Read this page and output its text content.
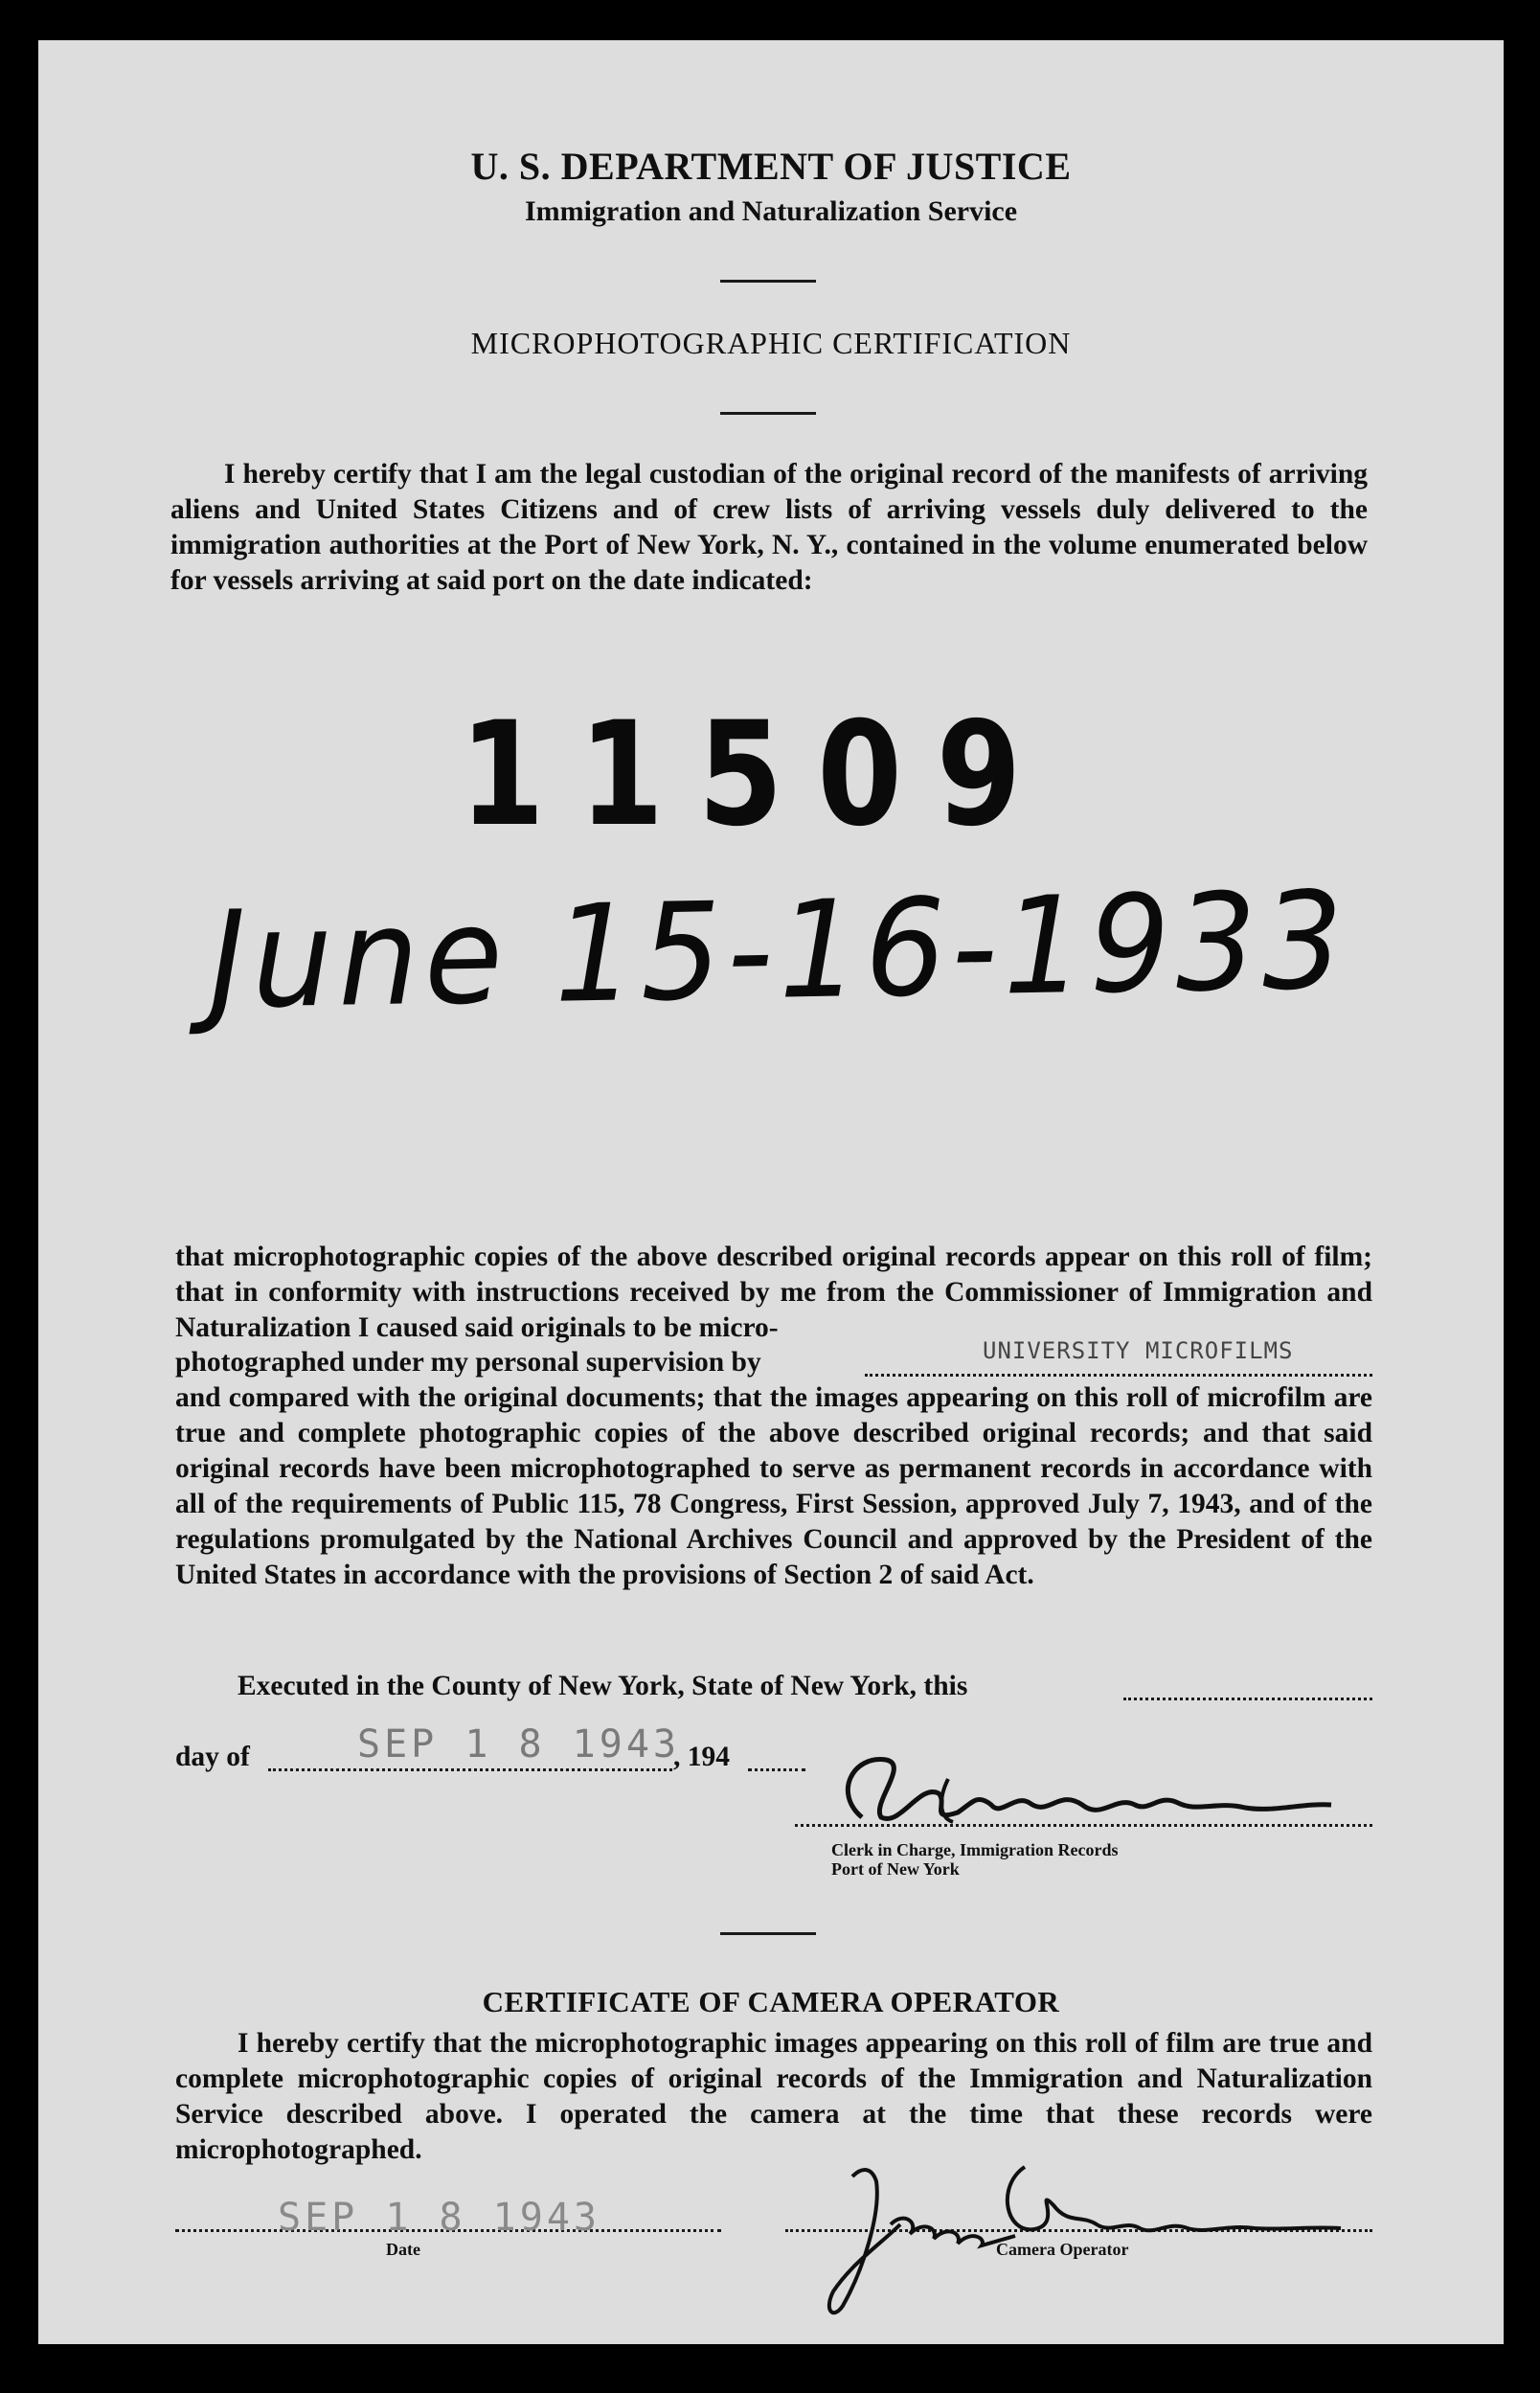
U. S. DEPARTMENT OF JUSTICE
Immigration and Naturalization Service
MICROPHOTOGRAPHIC CERTIFICATION
I hereby certify that I am the legal custodian of the original record of the manifests of arriving aliens and United States Citizens and of crew lists of arriving vessels duly delivered to the immigration authorities at the Port of New York, N. Y., contained in the volume enumerated below for vessels arriving at said port on the date indicated:
11509
June 15-16-1933
that microphotographic copies of the above described original records appear on this roll of film; that in conformity with instructions received by me from the Commissioner of Immigration and Naturalization I caused said originals to be micro-
photographed under my personal supervision by	UNIVERSITY MICROFILMS
and compared with the original documents; that the images appearing on this roll of microfilm are true and complete photographic copies of the above described original records; and that said original records have been microphotographed to serve as permanent records in accordance with all of the requirements of Public 115, 78 Congress, First Session, approved July 7, 1943, and of the regulations promulgated by the National Archives Council and approved by the President of the United States in accordance with the provisions of Section 2 of said Act.
Executed in the County of New York, State of New York, this
day of	SEP 1 8 1943
, 194
Clerk in Charge, Immigration Records
Port of New York
CERTIFICATE OF CAMERA OPERATOR
I hereby certify that the microphotographic images appearing on this roll of film are true and complete microphotographic copies of original records of the Immigration and Naturalization Service described above. I operated the camera at the time that these records were microphotographed.
SEP 1 8 1943
Date	Camera Operator
